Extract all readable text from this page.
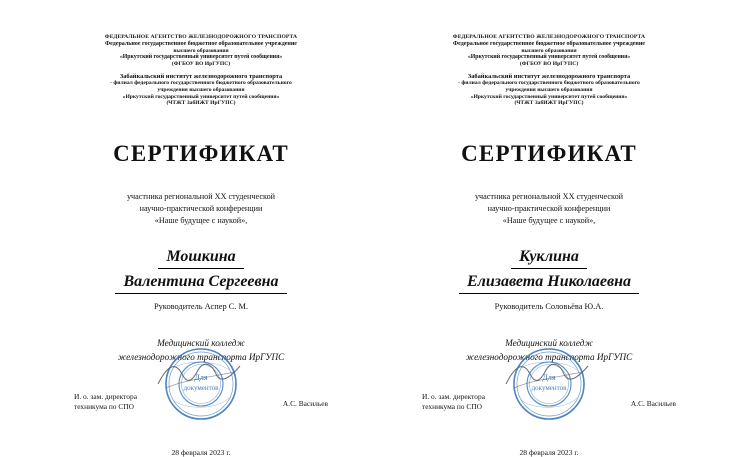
ФЕДЕРАЛЬНОЕ АГЕНТСТВО ЖЕЛЕЗНОДОРОЖНОГО ТРАНСПОРТА
Федеральное государственное бюджетное образовательное учреждение
высшего образования
«Иркутский государственный университет путей сообщения»
(ФГБОУ ВО ИрГУПС)
Забайкальский институт железнодорожного транспорта
- филиал федерального государственного бюджетного образовательного
учреждения высшего образования
«Иркутский государственный университет путей сообщения»
(ЧТЖТ ЗабИЖТ ИрГУПС)
СЕРТИФИКАТ
участника региональной XX студенческой
научно-практической конференции
«Наше будущее с наукой»,
Мошкина
Валентина Сергеевна
Руководитель Аспер С. М.
Медицинский колледж
железнодорожного транспорта ИрГУПС
И. о. зам. директора
техникума по СПО	А.С. Васильев
Для
документов
28 февраля 2023 г.
ФЕДЕРАЛЬНОЕ АГЕНТСТВО ЖЕЛЕЗНОДОРОЖНОГО ТРАНСПОРТА
Федеральное государственное бюджетное образовательное учреждение
высшего образования
«Иркутский государственный университет путей сообщения»
(ФГБОУ ВО ИрГУПС)
Забайкальский институт железнодорожного транспорта
- филиал федерального государственного бюджетного образовательного
учреждения высшего образования
«Иркутский государственный университет путей сообщения»
(ЧТЖТ ЗабИЖТ ИрГУПС)
СЕРТИФИКАТ
участника региональной XX студенческой
научно-практической конференции
«Наше будущее с наукой»,
Куклина
Елизавета Николаевна
Руководитель Соловьёва Ю.А.
Медицинский колледж
железнодорожного транспорта ИрГУПС
И. о. зам. директора
техникума по СПО	А.С. Васильев
Для
документов
28 февраля 2023 г.
